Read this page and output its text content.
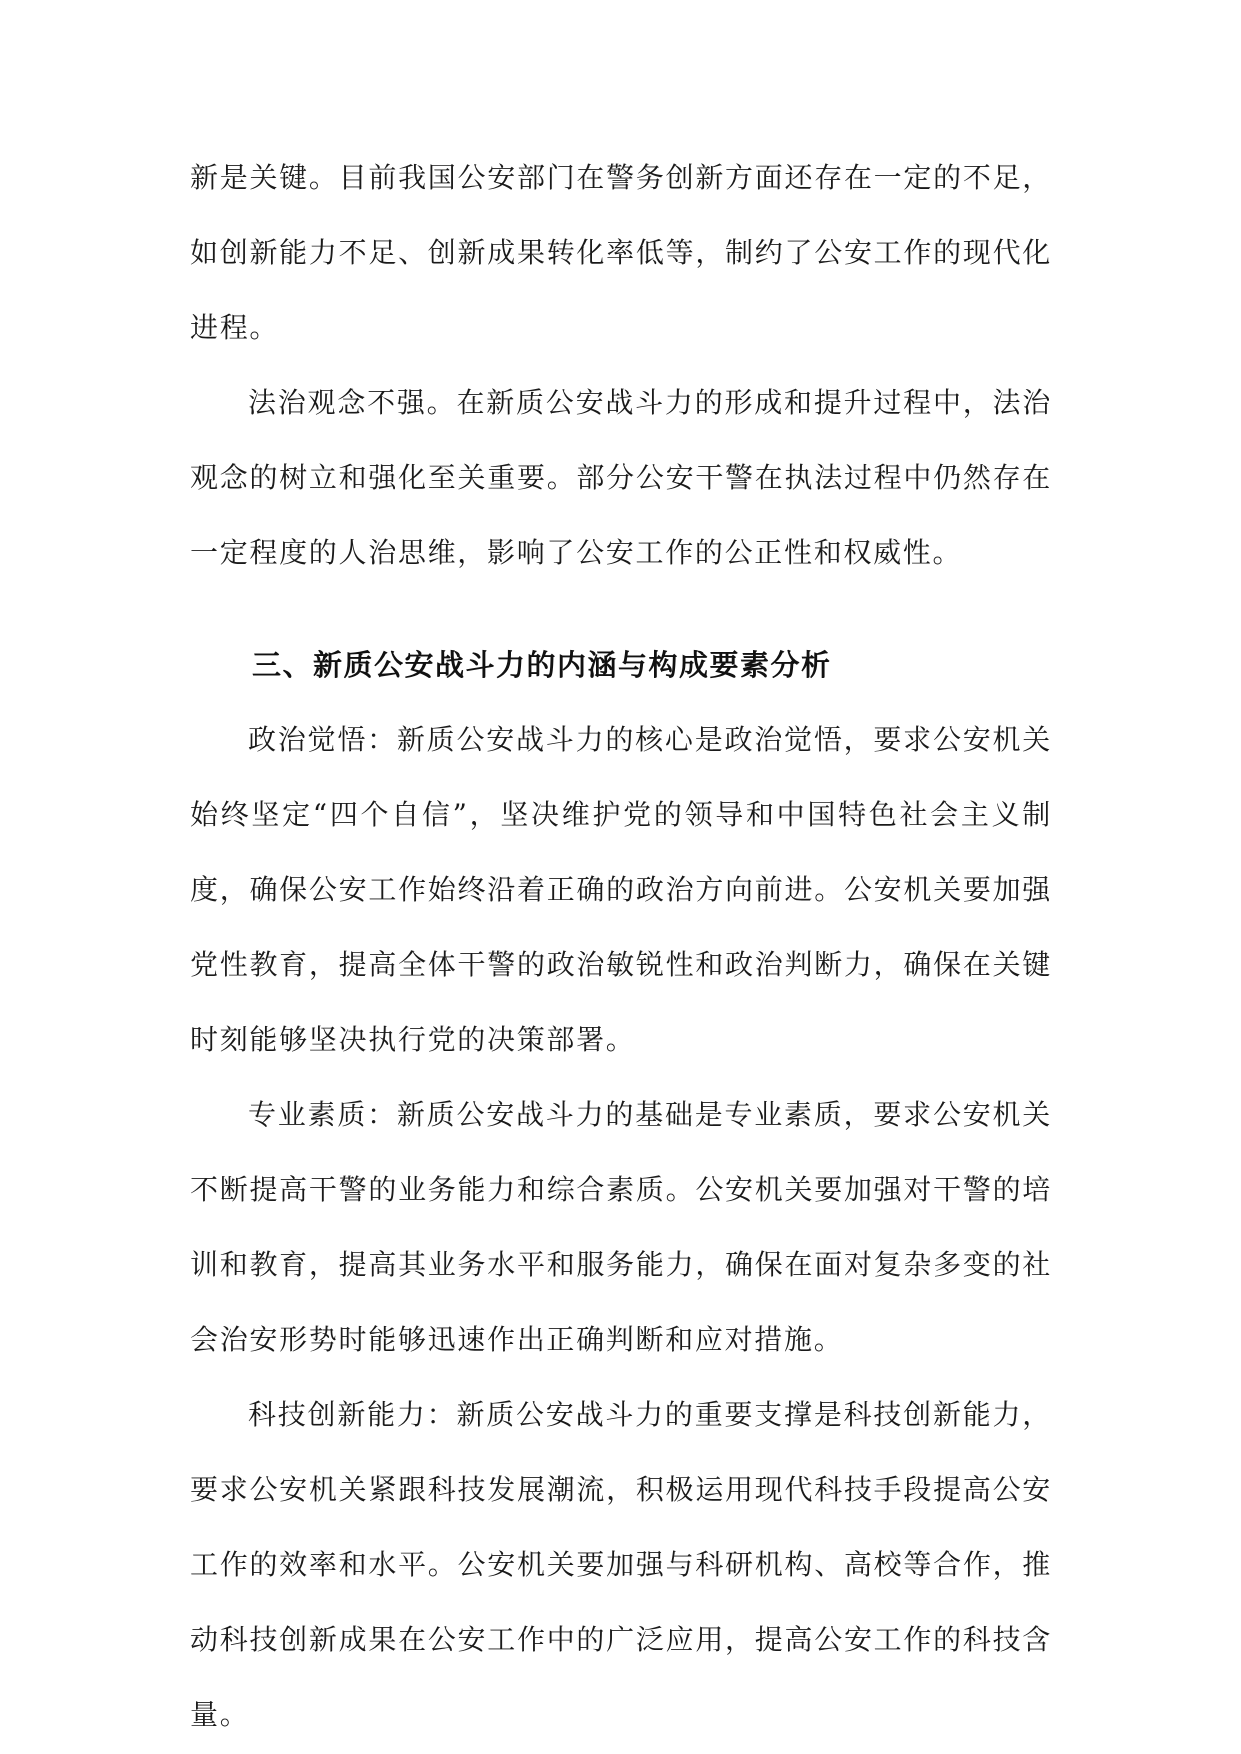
新是关键。目前我国公安部门在警务创新方面还存在一定的不足，如创新能力不足、创新成果转化率低等，制约了公安工作的现代化进程。

法治观念不强。在新质公安战斗力的形成和提升过程中，法治观念的树立和强化至关重要。部分公安干警在执法过程中仍然存在一定程度的人治思维，影响了公安工作的公正性和权威性。

三、新质公安战斗力的内涵与构成要素分析

政治觉悟：新质公安战斗力的核心是政治觉悟，要求公安机关始终坚定“四个自信”，坚决维护党的领导和中国特色社会主义制度，确保公安工作始终沿着正确的政治方向前进。公安机关要加强党性教育，提高全体干警的政治敏锐性和政治判断力，确保在关键时刻能够坚决执行党的决策部署。

专业素质：新质公安战斗力的基础是专业素质，要求公安机关不断提高干警的业务能力和综合素质。公安机关要加强对干警的培训和教育，提高其业务水平和服务能力，确保在面对复杂多变的社会治安形势时能够迅速作出正确判断和应对措施。

科技创新能力：新质公安战斗力的重要支撑是科技创新能力，要求公安机关紧跟科技发展潮流，积极运用现代科技手段提高公安工作的效率和水平。公安机关要加强与科研机构、高校等合作，推动科技创新成果在公安工作中的广泛应用，提高公安工作的科技含量。
